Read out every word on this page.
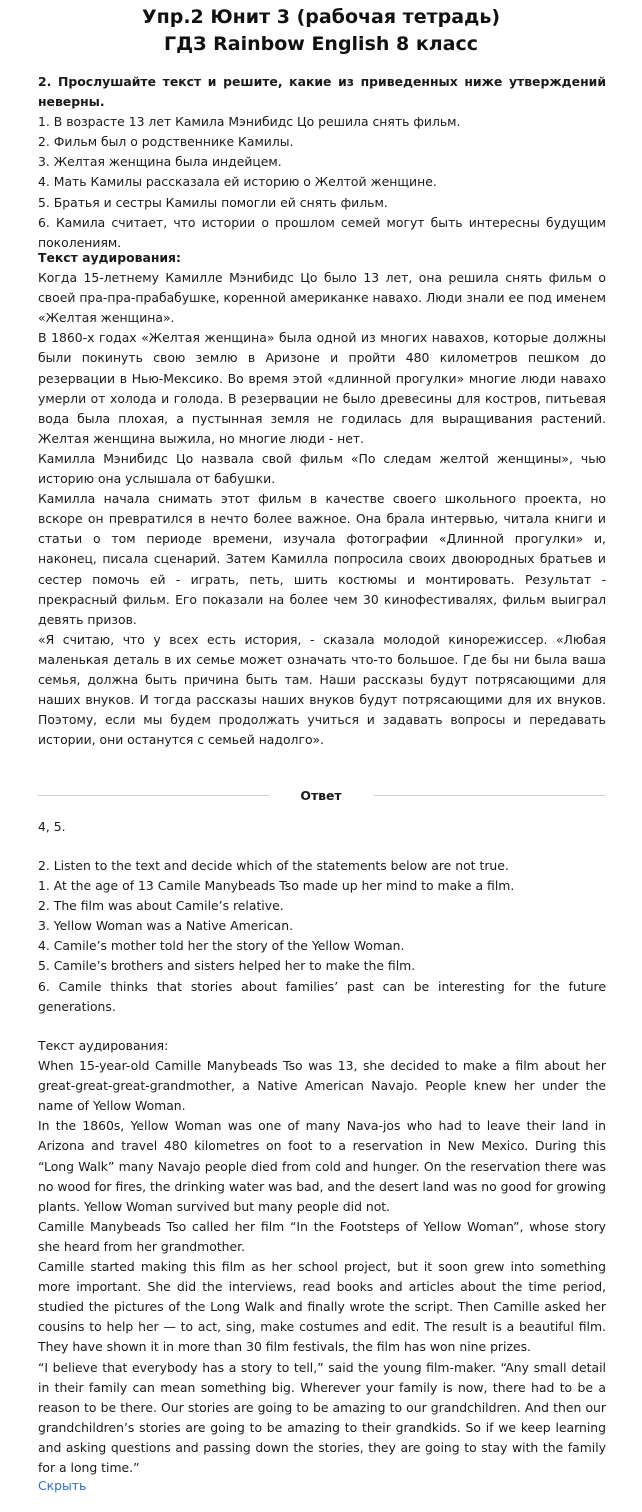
Упр.2 Юнит 3 (рабочая тетрадь)
ГДЗ Rainbow English 8 класс

2. Прослушайте текст и решите, какие из приведенных ниже утверждений неверны.

1. В возрасте 13 лет Камила Мэнибидс Цо решила снять фильм.

2. Фильм был о родственнике Камилы.

3. Желтая женщина была индейцем.

4. Мать Камилы рассказала ей историю о Желтой женщине.

5. Братья и сестры Камилы помогли ей снять фильм.

6. Камила считает, что истории о прошлом семей могут быть интересны будущим поколениям.

Текст аудирования:

Когда 15-летнему Камилле Мэнибидс Цо было 13 лет, она решила снять фильм о своей пра-пра-прабабушке, коренной американке навахо. Люди знали ее под именем «Желтая женщина».

В 1860-х годах «Желтая женщина» была одной из многих навахов, которые должны были покинуть свою землю в Аризоне и пройти 480 километров пешком до резервации в Нью-Мексико. Во время этой «длинной прогулки» многие люди навахо умерли от холода и голода. В резервации не было древесины для костров, питьевая вода была плохая, а пустынная земля не годилась для выращивания растений. Желтая женщина выжила, но многие люди - нет.

Камилла Мэнибидс Цо назвала свой фильм «По следам желтой женщины», чью историю она услышала от бабушки.

Камилла начала снимать этот фильм в качестве своего школьного проекта, но вскоре он превратился в нечто более важное. Она брала интервью, читала книги и статьи о том периоде времени, изучала фотографии «Длинной прогулки» и, наконец, писала сценарий. Затем Камилла попросила своих двоюродных братьев и сестер помочь ей - играть, петь, шить костюмы и монтировать. Результат - прекрасный фильм. Его показали на более чем 30 кинофестивалях, фильм выиграл девять призов.

«Я считаю, что у всех есть история, - сказала молодой кинорежиссер. «Любая маленькая деталь в их семье может означать что-то большое. Где бы ни была ваша семья, должна быть причина быть там. Наши рассказы будут потрясающими для наших внуков. И тогда рассказы наших внуков будут потрясающими для их внуков. Поэтому, если мы будем продолжать учиться и задавать вопросы и передавать истории, они останутся с семьей надолго».

Ответ
4, 5.

2. Listen to the text and decide which of the statements below are not true.

1. At the age of 13 Camile Manybeads Tso made up her mind to make a film.

2. The film was about Camile’s relative.

3. Yellow Woman was a Native American.

4. Camile’s mother told her the story of the Yellow Woman.

5. Camile’s brothers and sisters helped her to make the film.

6. Camile thinks that stories about families’ past can be interesting for the future generations.

Текст аудирования:

When 15-year-old Camille Manybeads Tso was 13, she decided to make a film about her great-great-great-grandmother, a Native American Navajo. People knew her under the name of Yellow Woman.

In the 1860s, Yellow Woman was one of many Nava-jos who had to leave their land in Arizona and travel 480 kilometres on foot to a reservation in New Mexico. During this “Long Walk” many Navajo people died from cold and hunger. On the reservation there was no wood for fires, the drinking water was bad, and the desert land was no good for growing plants. Yellow Woman survived but many people did not.

Camille Manybeads Tso called her film “In the Footsteps of Yellow Woman”, whose story she heard from her grandmother.

Camille started making this film as her school project, but it soon grew into something more important. She did the interviews, read books and articles about the time period, studied the pictures of the Long Walk and finally wrote the script. Then Camille asked her cousins to help her — to act, sing, make costumes and edit. The result is a beautiful film. They have shown it in more than 30 film festivals, the film has won nine prizes.

“I believe that everybody has a story to tell,” said the young film-maker. “Any small detail in their family can mean something big. Wherever your family is now, there had to be a reason to be there. Our stories are going to be amazing to our grandchildren. And then our grandchildren’s stories are going to be amazing to their grandkids. So if we keep learning and asking questions and passing down the stories, they are going to stay with the family for a long time.”

Скрыть
